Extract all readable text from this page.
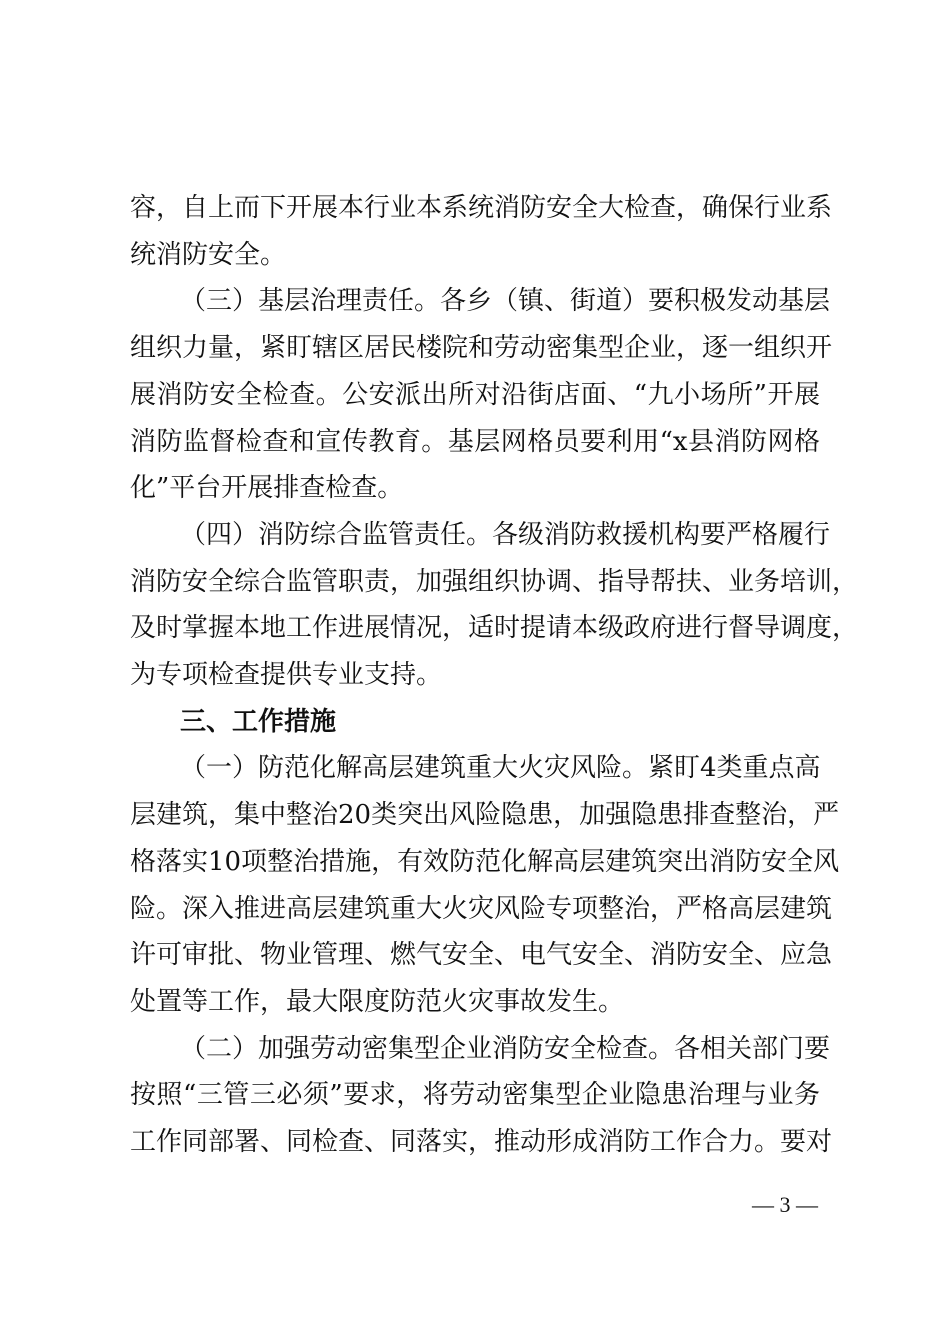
容，自上而下开展本行业本系统消防安全大检查，确保行业系
统消防安全。
（三）基层治理责任。各乡（镇、街道）要积极发动基层
组织力量，紧盯辖区居民楼院和劳动密集型企业，逐一组织开
展消防安全检查。公安派出所对沿街店面、“九小场所”开展
消防监督检查和宣传教育。基层网格员要利用“x县消防网格
化”平台开展排查检查。
（四）消防综合监管责任。各级消防救援机构要严格履行
消防安全综合监管职责，加强组织协调、指导帮扶、业务培训，
及时掌握本地工作进展情况，适时提请本级政府进行督导调度，
为专项检查提供专业支持。
三、工作措施
（一）防范化解高层建筑重大火灾风险。紧盯4类重点高
层建筑，集中整治20类突出风险隐患，加强隐患排查整治，严
格落实10项整治措施，有效防范化解高层建筑突出消防安全风
险。深入推进高层建筑重大火灾风险专项整治，严格高层建筑
许可审批、物业管理、燃气安全、电气安全、消防安全、应急
处置等工作，最大限度防范火灾事故发生。
（二）加强劳动密集型企业消防安全检查。各相关部门要
按照“三管三必须”要求，将劳动密集型企业隐患治理与业务
工作同部署、同检查、同落实，推动形成消防工作合力。要对
— 3 —
